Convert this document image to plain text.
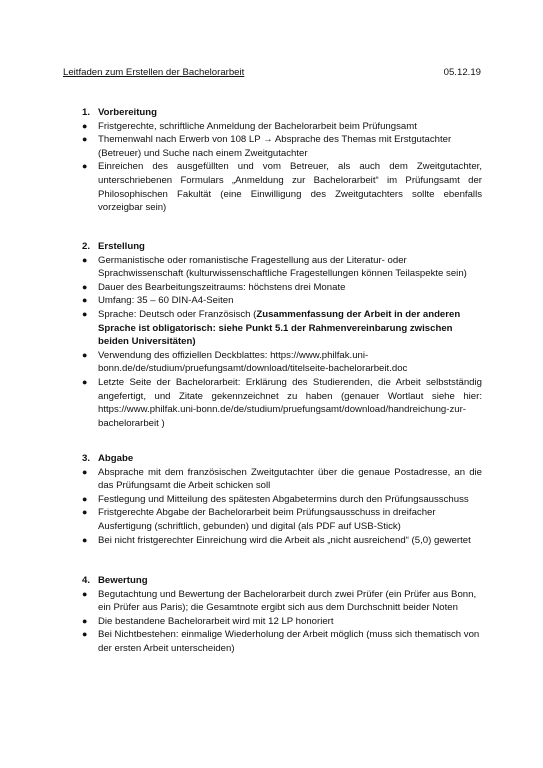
Leitfaden zum Erstellen der Bachelorarbeit	05.12.19
1. Vorbereitung
●	Fristgerechte, schriftliche Anmeldung der Bachelorarbeit beim Prüfungsamt
●	Themenwahl nach Erwerb von 108 LP → Absprache des Themas mit Erstgutachter (Betreuer) und Suche nach einem Zweitgutachter
●	Einreichen des ausgefüllten und vom Betreuer, als auch dem Zweitgutachter, unterschriebenen Formulars „Anmeldung zur Bachelorarbeit“ im Prüfungsamt der Philosophischen Fakultät (eine Einwilligung des Zweitgutachters sollte ebenfalls vorzeigbar sein)
2. Erstellung
●	Germanistische oder romanistische Fragestellung aus der Literatur- oder Sprachwissenschaft (kulturwissenschaftliche Fragestellungen können Teilaspekte sein)
●	Dauer des Bearbeitungszeitraums: höchstens drei Monate
●	Umfang: 35 – 60 DIN-A4-Seiten
●	Sprache: Deutsch oder Französisch (Zusammenfassung der Arbeit in der anderen Sprache ist obligatorisch: siehe Punkt 5.1 der Rahmenvereinbarung zwischen beiden Universitäten)
●	Verwendung des offiziellen Deckblattes: https://www.philfak.uni-bonn.de/de/studium/pruefungsamt/download/titelseite-bachelorarbeit.doc
●	Letzte Seite der Bachelorarbeit: Erklärung des Studierenden, die Arbeit selbstständig angefertigt, und Zitate gekennzeichnet zu haben (genauer Wortlaut siehe hier: https://www.philfak.uni-bonn.de/de/studium/pruefungsamt/download/handreichung-zur-bachelorarbeit )
3. Abgabe
●	Absprache mit dem französischen Zweitgutachter über die genaue Postadresse, an die das Prüfungsamt die Arbeit schicken soll
●	Festlegung und Mitteilung des spätesten Abgabetermins durch den Prüfungsausschuss
●	Fristgerechte Abgabe der Bachelorarbeit beim Prüfungsausschuss in dreifacher Ausfertigung (schriftlich, gebunden) und digital (als PDF auf USB-Stick)
●	Bei nicht fristgerechter Einreichung wird die Arbeit als „nicht ausreichend“ (5,0) gewertet
4. Bewertung
●	Begutachtung und Bewertung der Bachelorarbeit durch zwei Prüfer (ein Prüfer aus Bonn, ein Prüfer aus Paris); die Gesamtnote ergibt sich aus dem Durchschnitt beider Noten
●	Die bestandene Bachelorarbeit wird mit 12 LP honoriert
●	Bei Nichtbestehen: einmalige Wiederholung der Arbeit möglich (muss sich thematisch von der ersten Arbeit unterscheiden)
